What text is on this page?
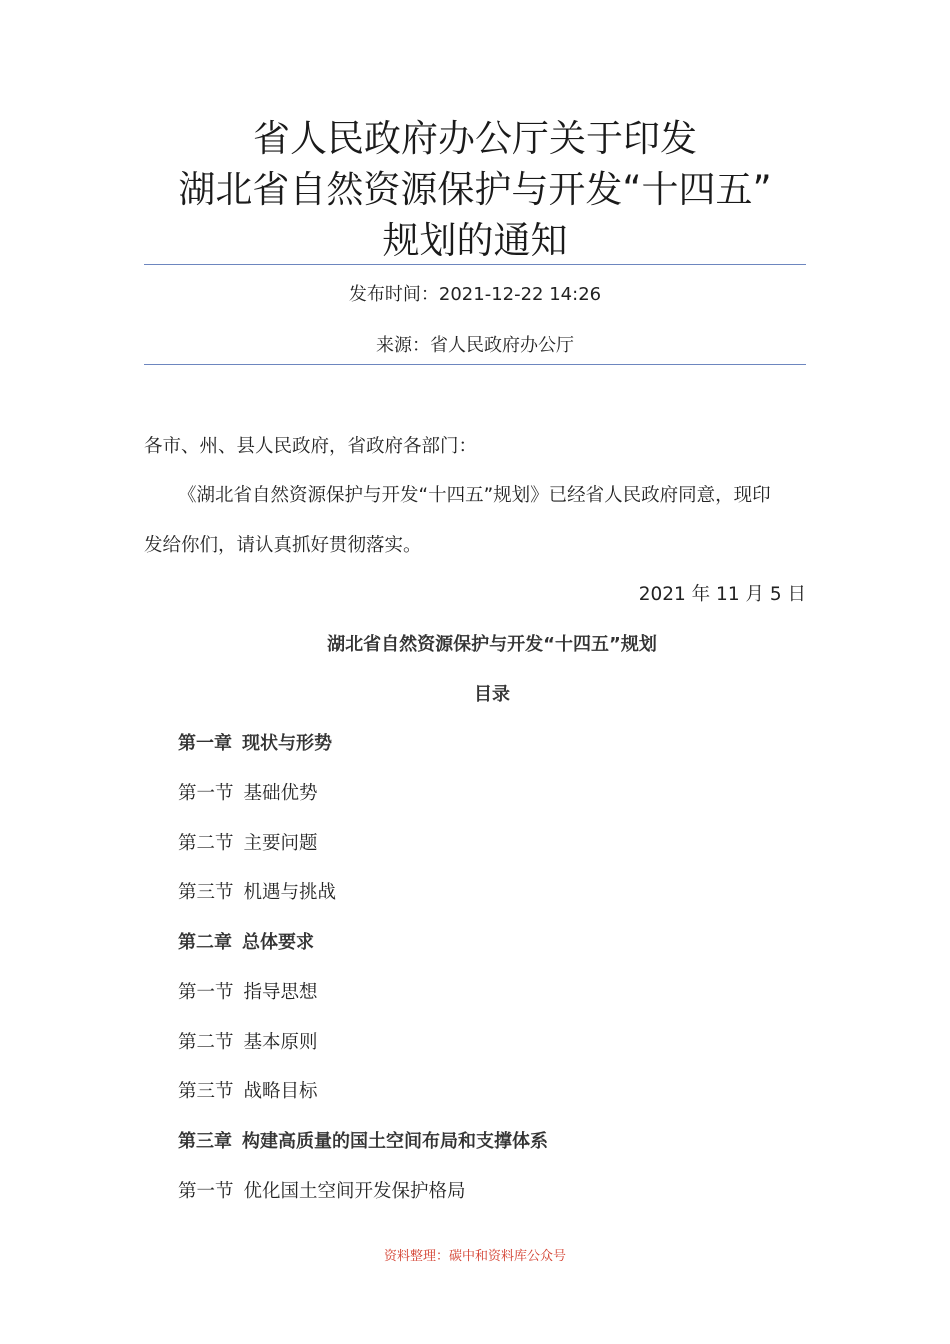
省人民政府办公厅关于印发
湖北省自然资源保护与开发“十四五”
规划的通知
发布时间：2021-12-22 14:26
来源：省人民政府办公厅
各市、州、县人民政府，省政府各部门：
《湖北省自然资源保护与开发“十四五”规划》已经省人民政府同意，现印
发给你们，请认真抓好贯彻落实。
2021 年 11 月 5 日
湖北省自然资源保护与开发“十四五”规划
目录
第一章 现状与形势
第一节 基础优势
第二节 主要问题
第三节 机遇与挑战
第二章 总体要求
第一节 指导思想
第二节 基本原则
第三节 战略目标
第三章 构建高质量的国土空间布局和支撑体系
第一节 优化国土空间开发保护格局
资料整理：碳中和资料库公众号
